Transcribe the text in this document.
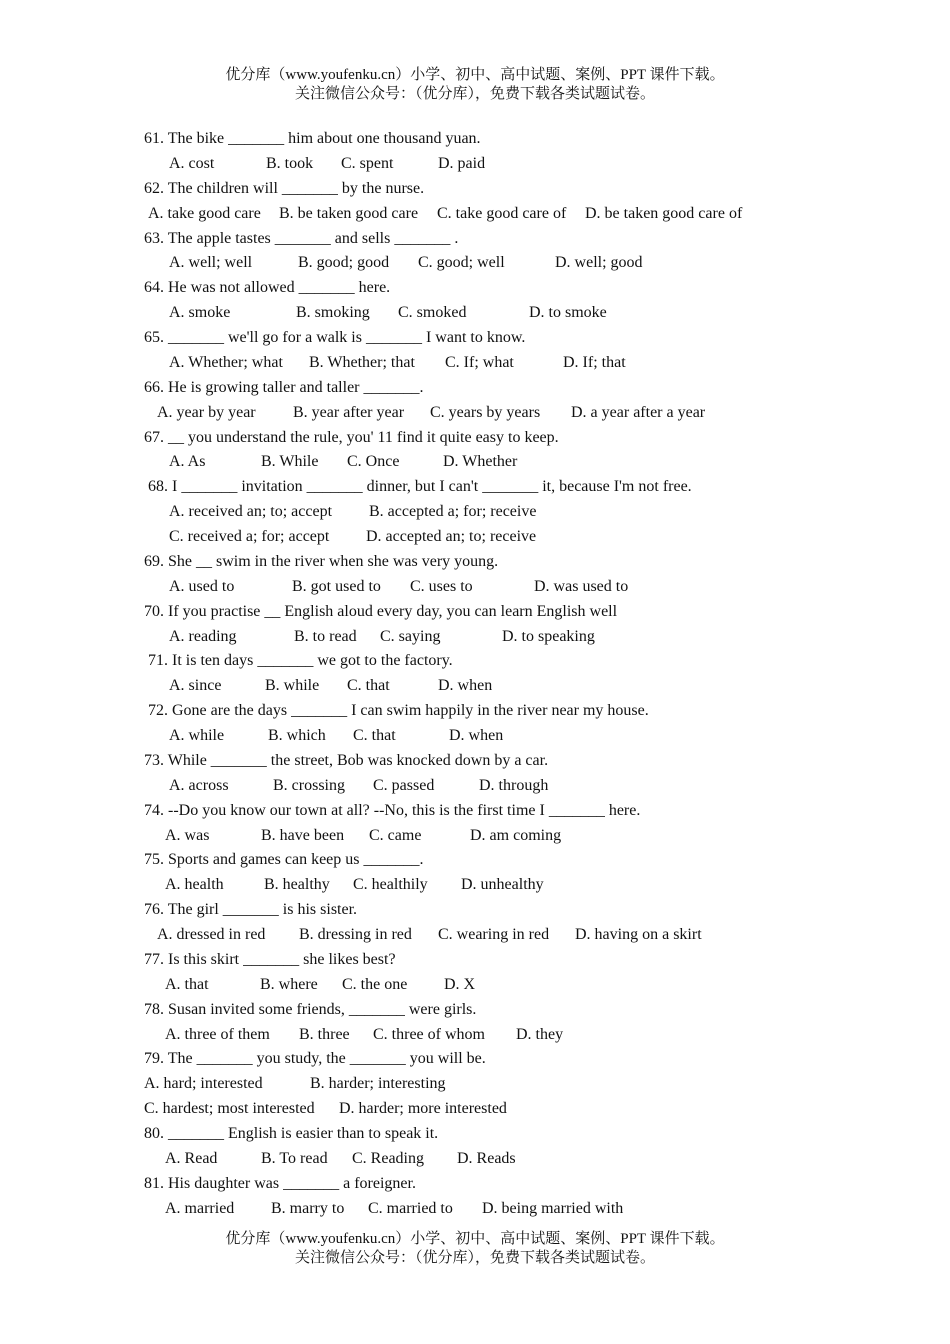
优分库（www.youfenku.cn）小学、初中、高中试题、案例、PPT 课件下载。
关注微信公众号：（优分库），免费下载各类试题试卷。
61. The bike _______ him about one thousand yuan.
A. cost	B. took C. spent	D. paid
62. The children will _______ by the nurse.
A. take good care B. be taken good care C. take good care of D. be taken good care of
63. The apple tastes _______ and sells _______ .
A. well; well	B. good; good C. good; well	D. well; good
64. He was not allowed _______ here.
A. smoke	B. smoking C. smoked	D. to smoke
65. _______ we'll go for a walk is _______ I want to know.
A. Whether; what B. Whether; that C. If; what	D. If; that
66. He is growing taller and taller _______.
A. year by year B. year after year C. years by years D. a year after a year
67. __ you understand the rule, you' 11 find it quite easy to keep.
A. As	B. While C. Once	D. Whether
68. I _______ invitation _______ dinner, but I can't _______ it, because I'm not free.
A. received an; to; accept B. accepted a; for; receive
C. received a; for; accept D. accepted an; to; receive
69. She __ swim in the river when she was very young.
A. used to	B. got used to C. uses to	D. was used to
70. If you practise __ English aloud every day, you can learn English well
A. reading	B. to read C. saying	D. to speaking
71. It is ten days _______ we got to the factory.
A. since	B. while C. that	D. when
72. Gone are the days _______ I can swim happily in the river near my house.
A. while	B. which C. that	D. when
73. While _______ the street, Bob was knocked down by a car.
A. across	B. crossing C. passed	D. through
74. --Do you know our town at all? --No, this is the first time I _______ here.
A. was	B. have been C. came	D. am coming
75. Sports and games can keep us _______.
A. health	B. healthy C. healthily D. unhealthy
76. The girl _______ is his sister.
A. dressed in red B. dressing in red C. wearing in red D. having on a skirt
77. Is this skirt _______ she likes best?
A. that	B. where C. the one D. X
78. Susan invited some friends, _______ were girls.
A. three of them B. three C. three of whom D. they
79. The _______ you study, the _______ you will be.
A. hard; interested	B. harder; interesting
C. hardest; most interested D. harder; more interested
80. _______ English is easier than to speak it.
A. Read	B. To read C. Reading D. Reads
81. His daughter was _______ a foreigner.
A. married B. marry to C. married to D. being married with
优分库（www.youfenku.cn）小学、初中、高中试题、案例、PPT 课件下载。
关注微信公众号：（优分库），免费下载各类试题试卷。
